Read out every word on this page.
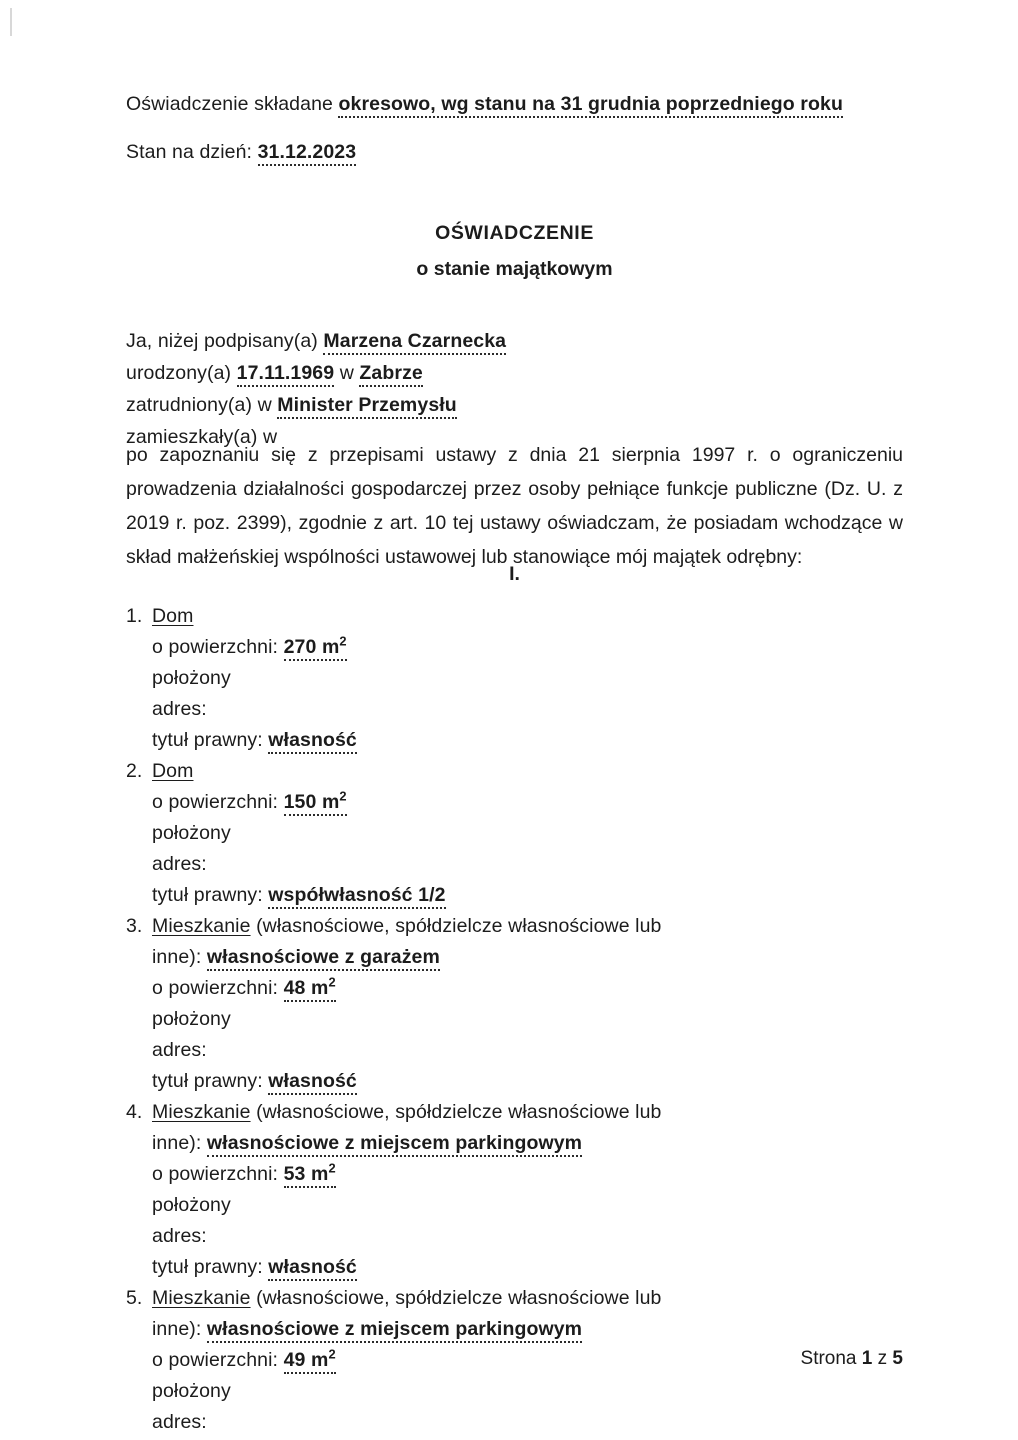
Oświadczenie składane okresowo, wg stanu na 31 grudnia poprzedniego roku
Stan na dzień: 31.12.2023
OŚWIADCZENIE
o stanie majątkowym
Ja, niżej podpisany(a) Marzena Czarnecka
urodzony(a) 17.11.1969 w Zabrze
zatrudniony(a) w Minister Przemysłu
zamieszkały(a) w
po zapoznaniu się z przepisami ustawy z dnia 21 sierpnia 1997 r. o ograniczeniu prowadzenia działalności gospodarczej przez osoby pełniące funkcje publiczne (Dz. U. z 2019 r. poz. 2399), zgodnie z art. 10 tej ustawy oświadczam, że posiadam wchodzące w skład małżeńskiej wspólności ustawowej lub stanowiące mój majątek odrębny:
I.
1. Dom
o powierzchni: 270 $m^2$
położony
adres:
tytuł prawny: własność
2. Dom
o powierzchni: 150 $m^2$
położony
adres:
tytuł prawny: współwłasność 1/2
3. Mieszkanie (własnościowe, spółdzielcze własnościowe lub
inne): własnościowe z garażem
o powierzchni: 48 $m^2$
położony
adres:
tytuł prawny: własność
4. Mieszkanie (własnościowe, spółdzielcze własnościowe lub
inne): własnościowe z miejscem parkingowym
o powierzchni: 53 $m^2$
położony
adres:
tytuł prawny: własność
5. Mieszkanie (własnościowe, spółdzielcze własnościowe lub
inne): własnościowe z miejscem parkingowym
o powierzchni: 49 $m^2$
położony
adres:
Strona 1 z 5
